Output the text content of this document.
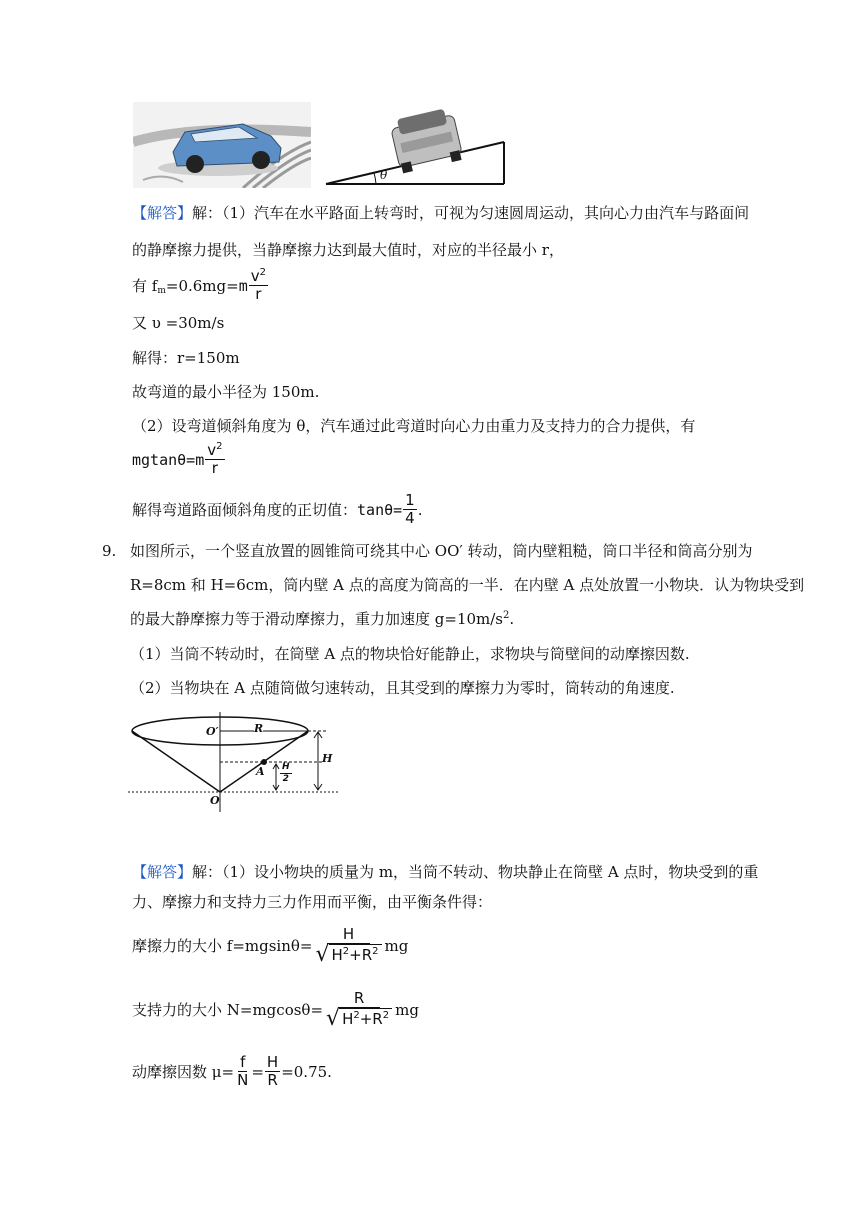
θ
【解答】解：（1）汽车在水平路面上转弯时，可视为匀速圆周运动，其向心力由汽车与路面间
的静摩擦力提供，当静摩擦力达到最大值时，对应的半径最小 r，
有 f m =0.6mg= m $\frac{v^2}{r}$
又 υ =30m/s
解得：r=150m
故弯道的最小半径为 150m.
（2）设弯道倾斜角度为 θ，汽车通过此弯道时向心力由重力及支持力的合力提供，有
mgtanθ= m $\frac{v^2}{r}$
解得弯道路面倾斜角度的正切值： $\tan\theta= \frac{1}{4}$ .
9. 如图所示，一个竖直放置的圆锥筒可绕其中心 OO′ 转动，筒内壁粗糙，筒口半径和筒高分别为
R=8cm 和 H=6cm，筒内壁 A 点的高度为筒高的一半．在内壁 A 点处放置一小物块．认为物块受到
的最大静摩擦力等于滑动摩擦力，重力加速度 $g=10m/s^2$.
（1）当筒不转动时，在筒壁 A 点的物块恰好能静止，求物块与筒壁间的动摩擦因数.
（2）当物块在 A 点随筒做匀速转动，且其受到的摩擦力为零时，筒转动的角速度.
O′	R
A
H
$\frac{H}{2}$
O
【解答】解：（1）设小物块的质量为 m，当筒不转动、物块静止在筒壁 A 点时，物块受到的重
力、摩擦力和支持力三力作用而平衡，由平衡条件得：
摩擦力的大小 $f=mgsin\theta= \frac{H}{√ H^2+R^2}$ mg
支持力的大小 $N=mgcos\theta= \frac{R}{√ H^2+R^2}$ mg
动摩擦因数 $\mu= \frac{f}{N} = \frac{H}{R} =0.75$.
